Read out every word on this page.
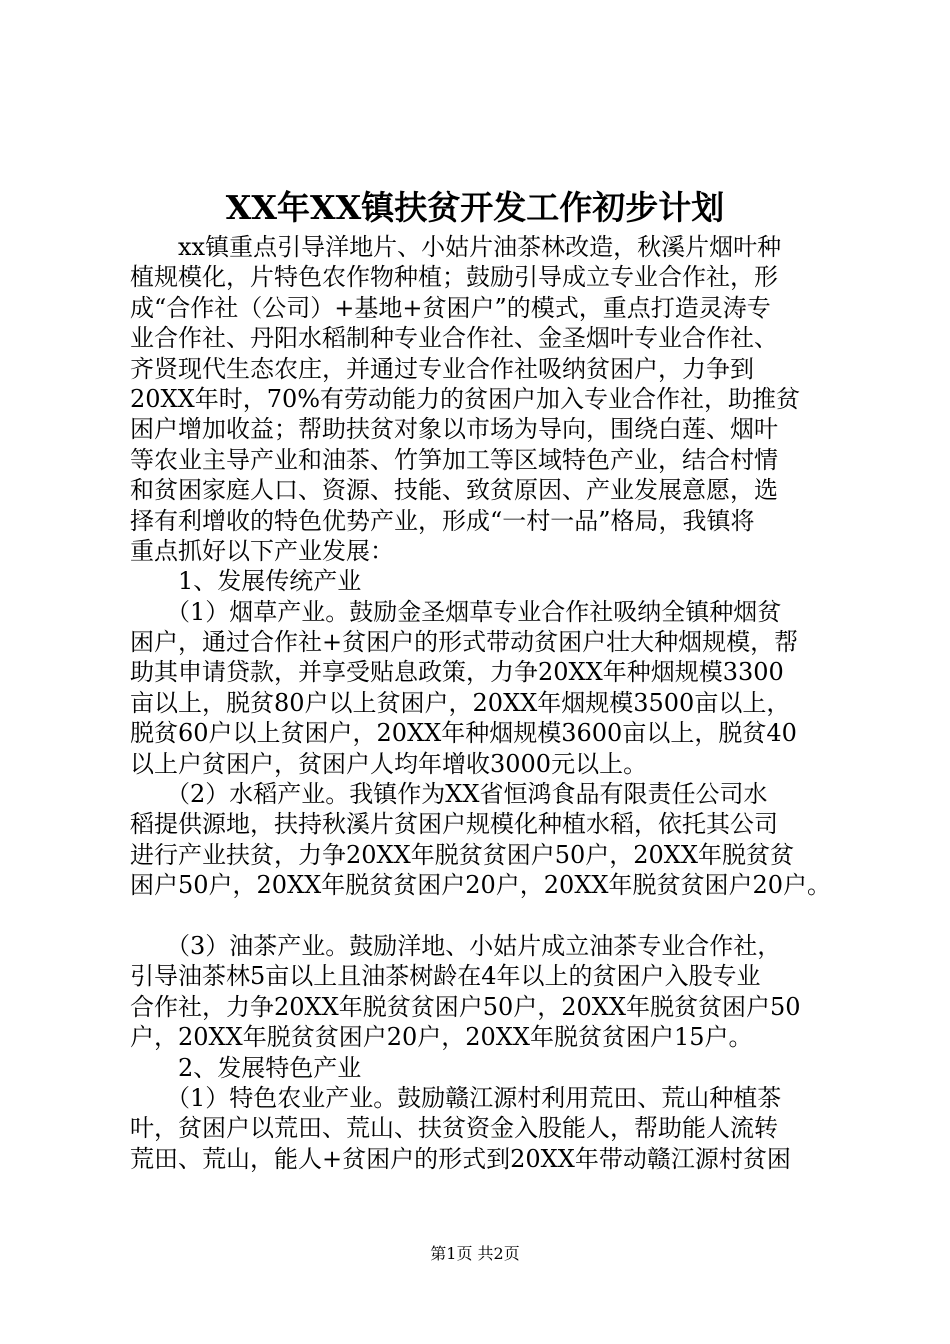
XX年XX镇扶贫开发工作初步计划
　　xx镇重点引导洋地片、小姑片油茶林改造，秋溪片烟叶种
植规模化，片特色农作物种植；鼓励引导成立专业合作社，形
成“合作社（公司）+基地+贫困户”的模式，重点打造灵涛专
业合作社、丹阳水稻制种专业合作社、金圣烟叶专业合作社、
齐贤现代生态农庄，并通过专业合作社吸纳贫困户，力争到
20XX年时，70%有劳动能力的贫困户加入专业合作社，助推贫
困户增加收益；帮助扶贫对象以市场为导向，围绕白莲、烟叶
等农业主导产业和油茶、竹笋加工等区域特色产业，结合村情
和贫困家庭人口、资源、技能、致贫原因、产业发展意愿，选
择有利增收的特色优势产业，形成“一村一品”格局，我镇将
重点抓好以下产业发展：
　　1、发展传统产业
　　（1）烟草产业。鼓励金圣烟草专业合作社吸纳全镇种烟贫
困户，通过合作社+贫困户的形式带动贫困户壮大种烟规模，帮
助其申请贷款，并享受贴息政策，力争20XX年种烟规模3300
亩以上，脱贫80户以上贫困户，20XX年烟规模3500亩以上，
脱贫60户以上贫困户，20XX年种烟规模3600亩以上，脱贫40
以上户贫困户，贫困户人均年增收3000元以上。
　　（2）水稻产业。我镇作为XX省恒鸿食品有限责任公司水
稻提供源地，扶持秋溪片贫困户规模化种植水稻，依托其公司
进行产业扶贫，力争20XX年脱贫贫困户50户，20XX年脱贫贫
困户50户，20XX年脱贫贫困户20户，20XX年脱贫贫困户20户。
　　（3）油茶产业。鼓励洋地、小姑片成立油茶专业合作社，
引导油茶林5亩以上且油茶树龄在4年以上的贫困户入股专业
合作社，力争20XX年脱贫贫困户50户，20XX年脱贫贫困户50
户，20XX年脱贫贫困户20户，20XX年脱贫贫困户15户。
　　2、发展特色产业
　　（1）特色农业产业。鼓励赣江源村利用荒田、荒山种植茶
叶，贫困户以荒田、荒山、扶贫资金入股能人，帮助能人流转
荒田、荒山，能人+贫困户的形式到20XX年带动赣江源村贫困
第1页 共2页
